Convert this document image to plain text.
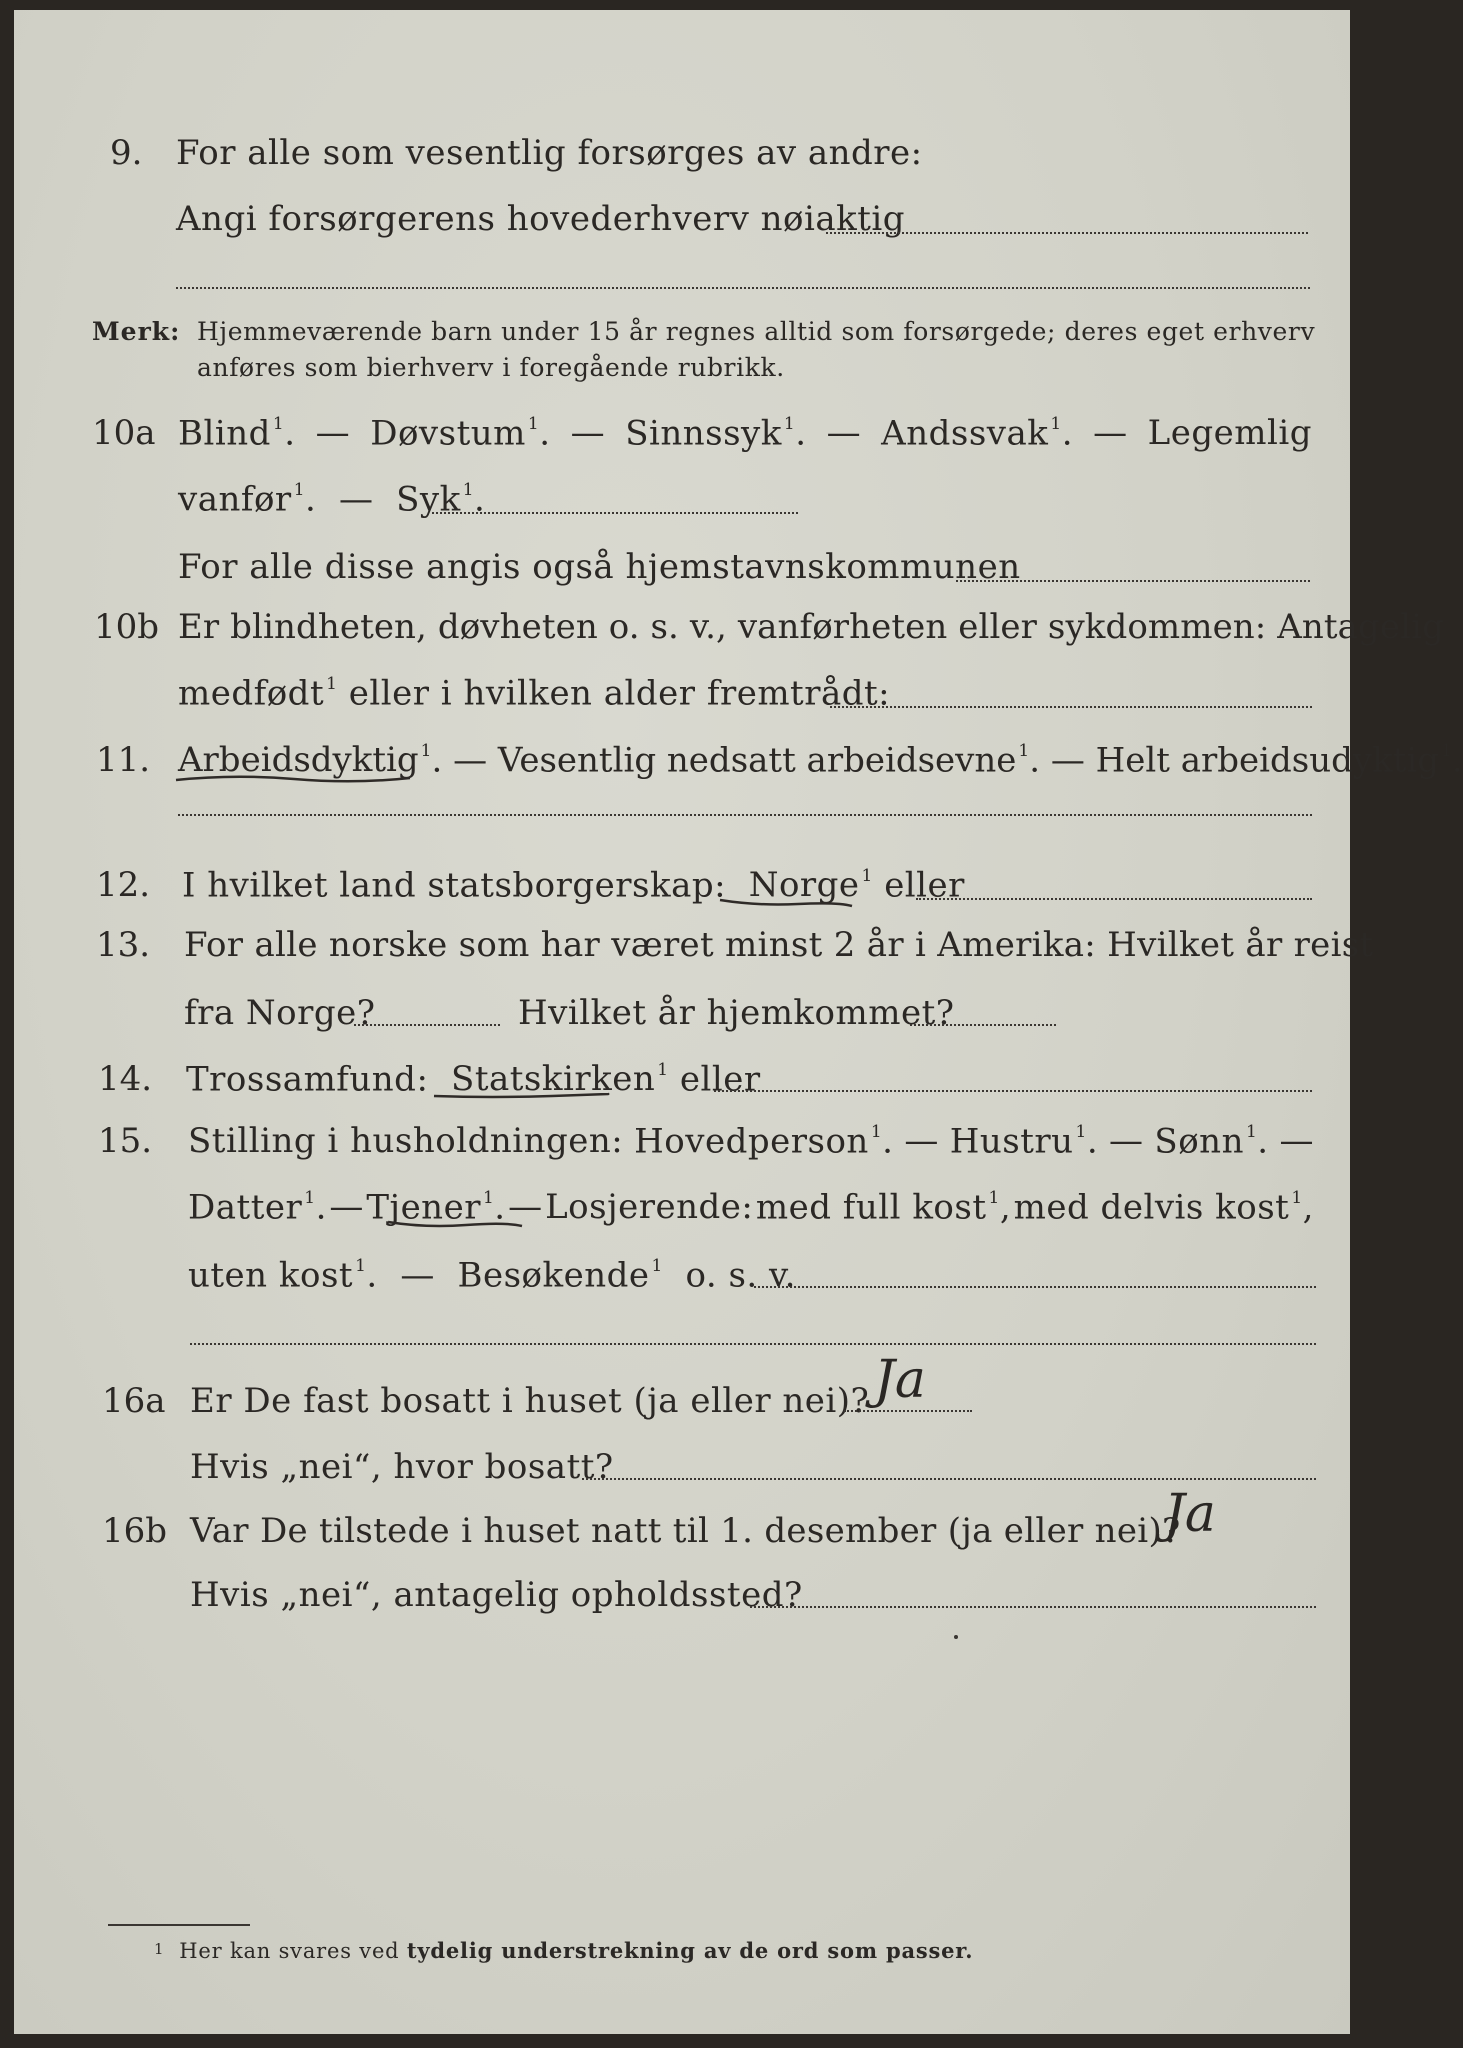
9. For alle som vesentlig forsørges av andre:
Angi forsørgerens hovederhverv nøiaktig
Merk: Hjemmeværende barn under 15 år regnes alltid som forsørgede; deres eget erhverv
anføres som bierhverv i foregående rubrikk.
10a Blind $^1$. — Døvstum $^1$. — Sinnssyk $^1$. — Andssvak $^1$. — Legemlig
vanfør $^1$.  — Syk $^1$.
For alle disse angis også hjemstavnskommunen
10b Er blindheten, døvheten o. s. v., vanførheten eller sykdommen: Antagelig
medfødt $^1$ eller i hvilken alder fremtrådt:
11. Arbeidsdyktig $^1$. — Vesentlig nedsatt arbeidsevne $^1$. — Helt arbeidsudyktig $^1$.
12. I hvilket land statsborgerskap: Norge $^1$ eller
13. For alle norske som har været minst 2 år i Amerika: Hvilket år reist
fra Norge?	Hvilket år hjemkommet?
14. Trossamfund: Statskirken $^1$ eller
15. Stilling i husholdningen: Hovedperson $^1$. — Hustru $^1$. — Sønn $^1$. —
Datter $^1$. — Tjener $^1$. — Losjerende: med full kost $^1$, med delvis kost $^1$,
uten kost $^1$.  — Besøkende $^1$ o. s. v.
16a Er De fast bosatt i huset (ja eller nei)? Ja
Hvis „nei“, hvor bosatt?
16b Var De tilstede i huset natt til 1. desember (ja eller nei)?
Ja
Hvis „nei“, antagelig opholdssted?
1 Her kan svares ved tydelig understrekning av de ord som passer.
